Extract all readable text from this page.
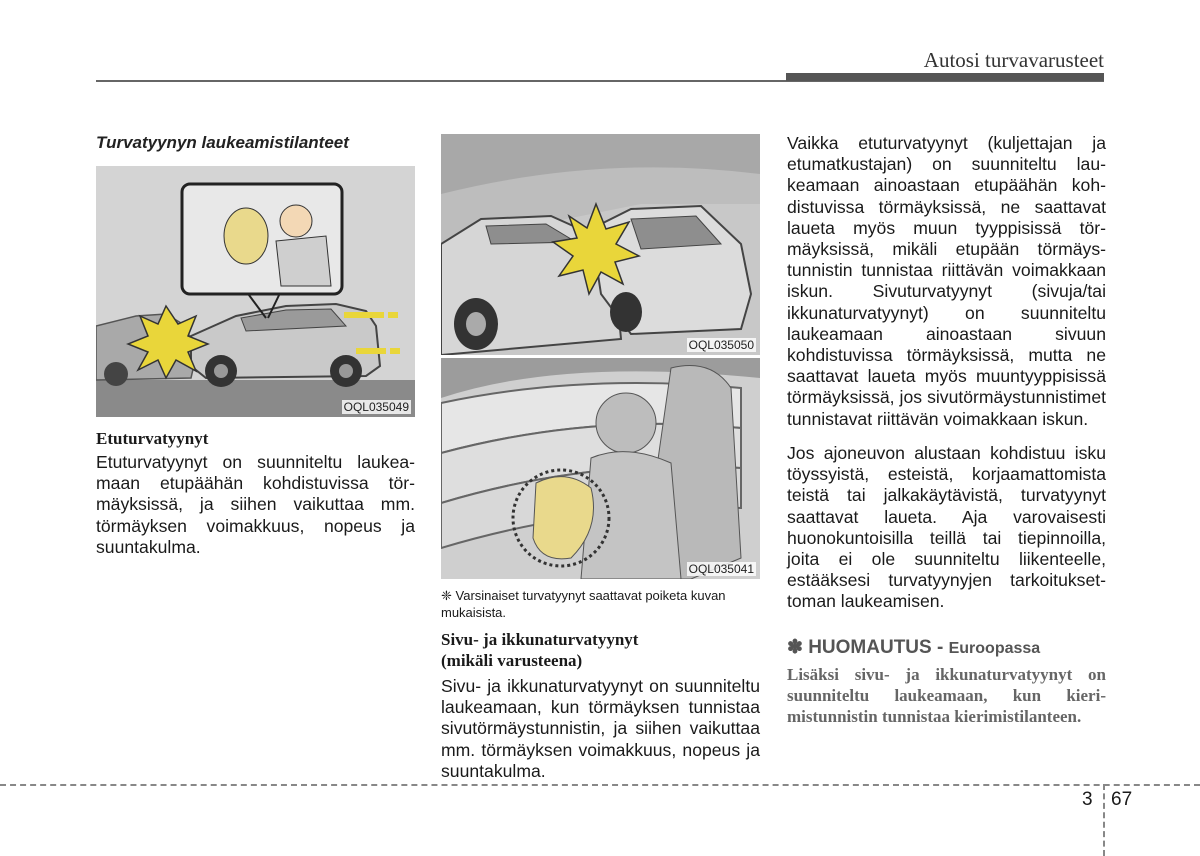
Autosi turvavarusteet
Turvatyynyn laukeamistilanteet
OQL035049
Etuturvatyynyt

Etuturvatyynyt on suunniteltu laukeamaan etupäähän kohdistuvissa törmäyksissä, ja siihen vaikuttaa mm. törmäyksen voimakkuus, nopeus ja suuntakulma.

OQL035050
OQL035041
❈ Varsinaiset turvatyynyt saattavat poiketa kuvan mukaisista.
Sivu- ja ikkunaturvatyynyt
(mikäli varusteena)

Sivu- ja ikkunaturvatyynyt on suunniteltu laukeamaan, kun törmäyksen tunnistaa sivutörmäystunnistin, ja siihen vaikuttaa mm. törmäyksen voimakkuus, nopeus ja suuntakulma.

Vaikka etuturvatyynyt (kuljettajan ja etumatkustajan) on suunniteltu laukeamaan ainoastaan etupäähän kohdistuvissa törmäyksissä, ne saattavat laueta myös muun tyyppisissä törmäyksissä, mikäli etupään törmäystunnistin tunnistaa riittävän voimakkaan iskun. Sivuturvatyynyt (sivuja/tai ikkunaturvatyynyt) on suunniteltu laukeamaan ainoastaan sivuun kohdistuvissa törmäyksissä, mutta ne saattavat laueta myös muuntyyppisissä törmäyksissä, jos sivutörmäystunnistimet tunnistavat riittävän voimakkaan iskun.

Jos ajoneuvon alustaan kohdistuu isku töyssyistä, esteistä, korjaamattomista teistä tai jalkakäytävistä, turvatyynyt saattavat laueta. Aja varovaisesti huonokuntoisilla teillä tai tiepinnoilla, joita ei ole suunniteltu liikenteelle, estääksesi turvatyynyjen tarkoituksettoman laukeamisen.

✽ HUOMAUTUS - Euroopassa

Lisäksi sivu- ja ikkunaturvatyynyt on suunniteltu laukeamaan, kun kierimistunnistin tunnistaa kierimistilanteen.

3 67
